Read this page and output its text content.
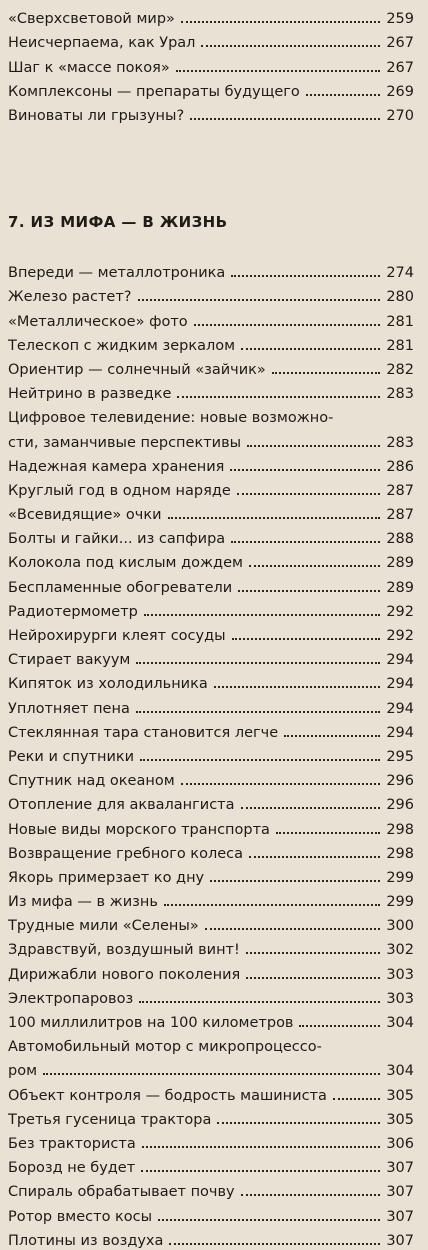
«Сверхсветовой мир»	259
Неисчерпаема, как Урал	267
Шаг к «массе покоя»	267
Комплексоны — препараты будущего	269
Виноваты ли грызуны?	270
7. ИЗ МИФА — В ЖИЗНЬ
Впереди — металлотроника	274
Железо растет?	280
«Металлическое» фото	281
Телескоп с жидким зеркалом	281
Ориентир — солнечный «зайчик»	282
Нейтрино в разведке	283
Цифровое телевидение: новые возможно-
сти, заманчивые перспективы	283
Надежная камера хранения	286
Круглый год в одном наряде	287
«Всевидящие» очки	287
Болты и гайки... из сапфира	288
Колокола под кислым дождем	289
Беспламенные обогреватели	289
Радиотермометр	292
Нейрохирурги клеят сосуды	292
Стирает вакуум	294
Кипяток из холодильника	294
Уплотняет пена	294
Стеклянная тара становится легче	294
Реки и спутники	295
Спутник над океаном	296
Отопление для аквалангиста	296
Новые виды морского транспорта	298
Возвращение гребного колеса	298
Якорь примерзает ко дну	299
Из мифа — в жизнь	299
Трудные мили «Селены»	300
Здравствуй, воздушный винт!	302
Дирижабли нового поколения	303
Электропаровоз	303
100 миллилитров на 100 километров	304
Автомобильный мотор с микропроцессо-
ром	304
Объект контроля — бодрость машиниста	305
Третья гусеница трактора	305
Без тракториста	306
Борозд не будет	307
Спираль обрабатывает почву	307
Ротор вместо косы	307
Плотины из воздуха	307
